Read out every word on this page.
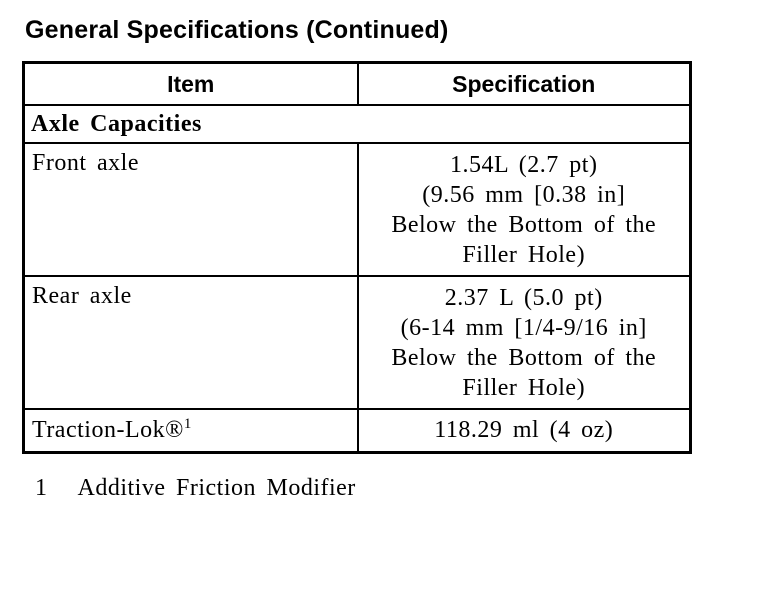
General Specifications (Continued)
Item	Specification
Axle Capacities	
Front axle	1.54L (2.7 pt)
(9.56 mm [0.38 in]
Below the Bottom of the
Filler Hole)

Rear axle	2.37 L (5.0 pt)
(6-14 mm [1/4-9/16 in]
Below the Bottom of the
Filler Hole)

Traction-Lok®$^1$	118.29 ml (4 oz)
1 Additive Friction Modifier
